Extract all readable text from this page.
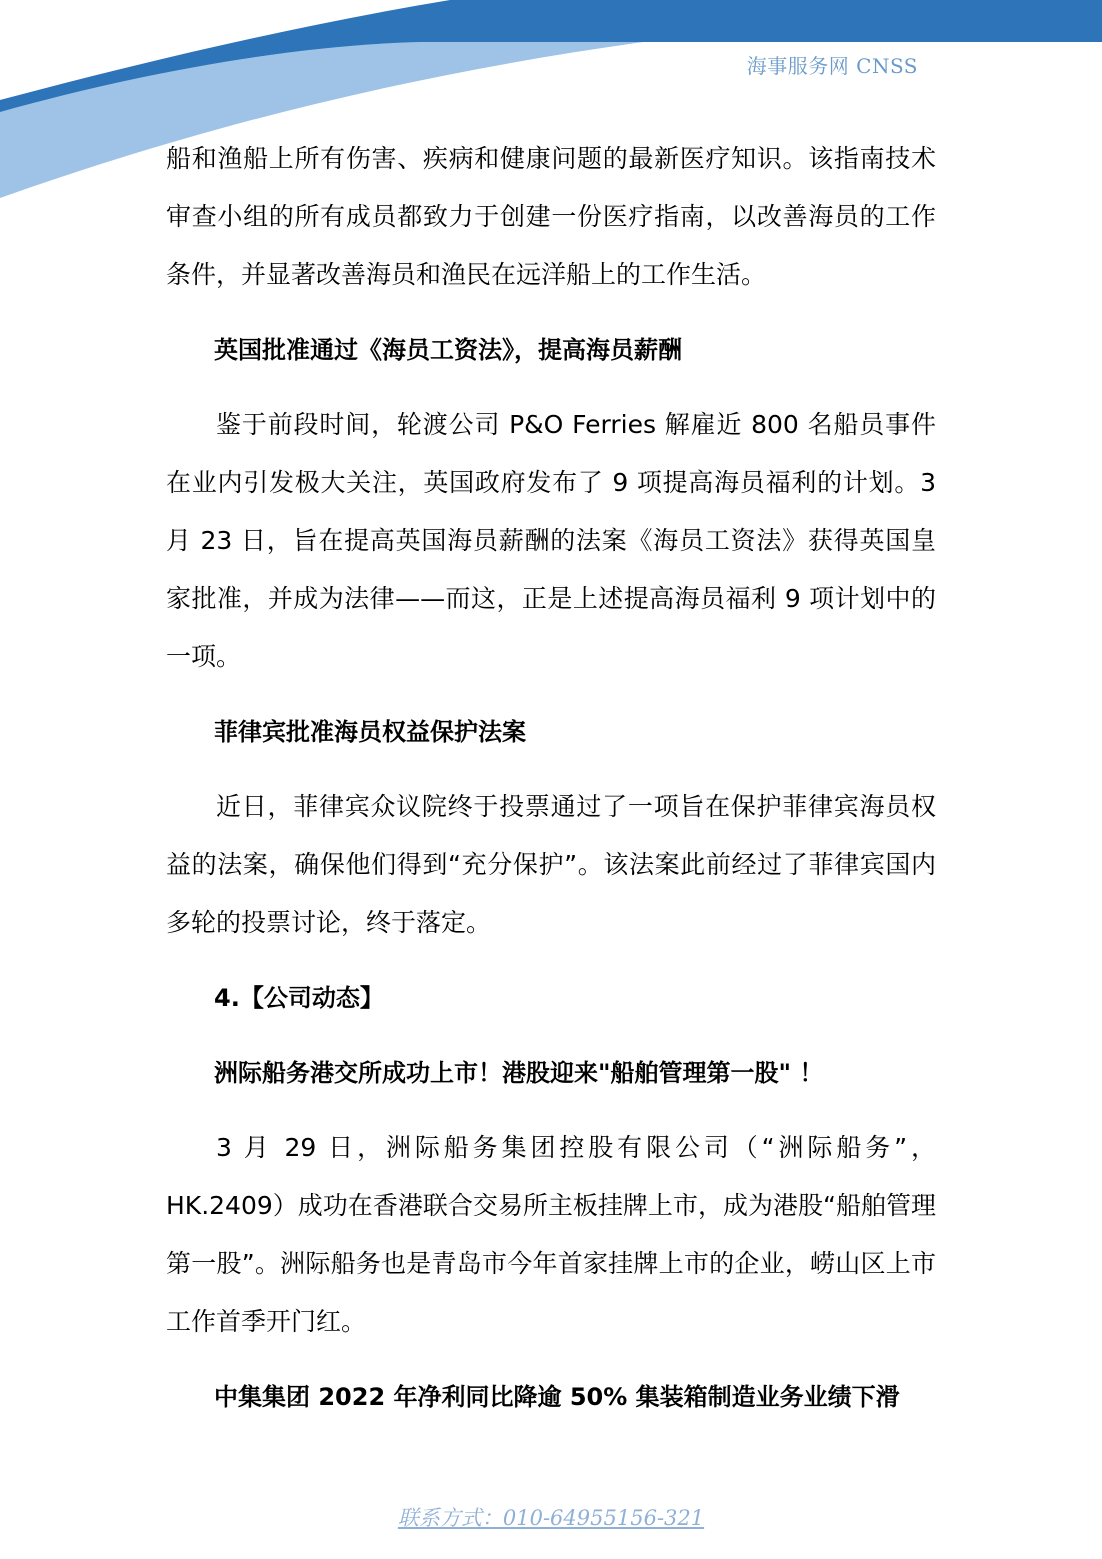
海事服务网 CNSS

船和渔船上所有伤害、疾病和健康问题的最新医疗知识。该指南技术审查小组的所有成员都致力于创建一份医疗指南，以改善海员的工作条件，并显著改善海员和渔民在远洋船上的工作生活。

英国批准通过《海员工资法》，提高海员薪酬

鉴于前段时间，轮渡公司 P&O Ferries 解雇近 800 名船员事件在业内引发极大关注，英国政府发布了 9 项提高海员福利的计划。3 月 23 日，旨在提高英国海员薪酬的法案《海员工资法》获得英国皇家批准，并成为法律——而这，正是上述提高海员福利 9 项计划中的一项。

菲律宾批准海员权益保护法案

近日，菲律宾众议院终于投票通过了一项旨在保护菲律宾海员权益的法案，确保他们得到“充分保护”。该法案此前经过了菲律宾国内多轮的投票讨论，终于落定。

4.【公司动态】
洲际船务港交所成功上市！港股迎来"船舶管理第一股" ！

3 月 29 日，洲际船务集团控股有限公司（“洲际船务”，HK.2409）成功在香港联合交易所主板挂牌上市，成为港股“船舶管理第一股”。洲际船务也是青岛市今年首家挂牌上市的企业，崂山区上市工作首季开门红。

中集集团 2022 年净利同比降逾 50% 集装箱制造业务业绩下滑
联系方式：010-64955156-321
